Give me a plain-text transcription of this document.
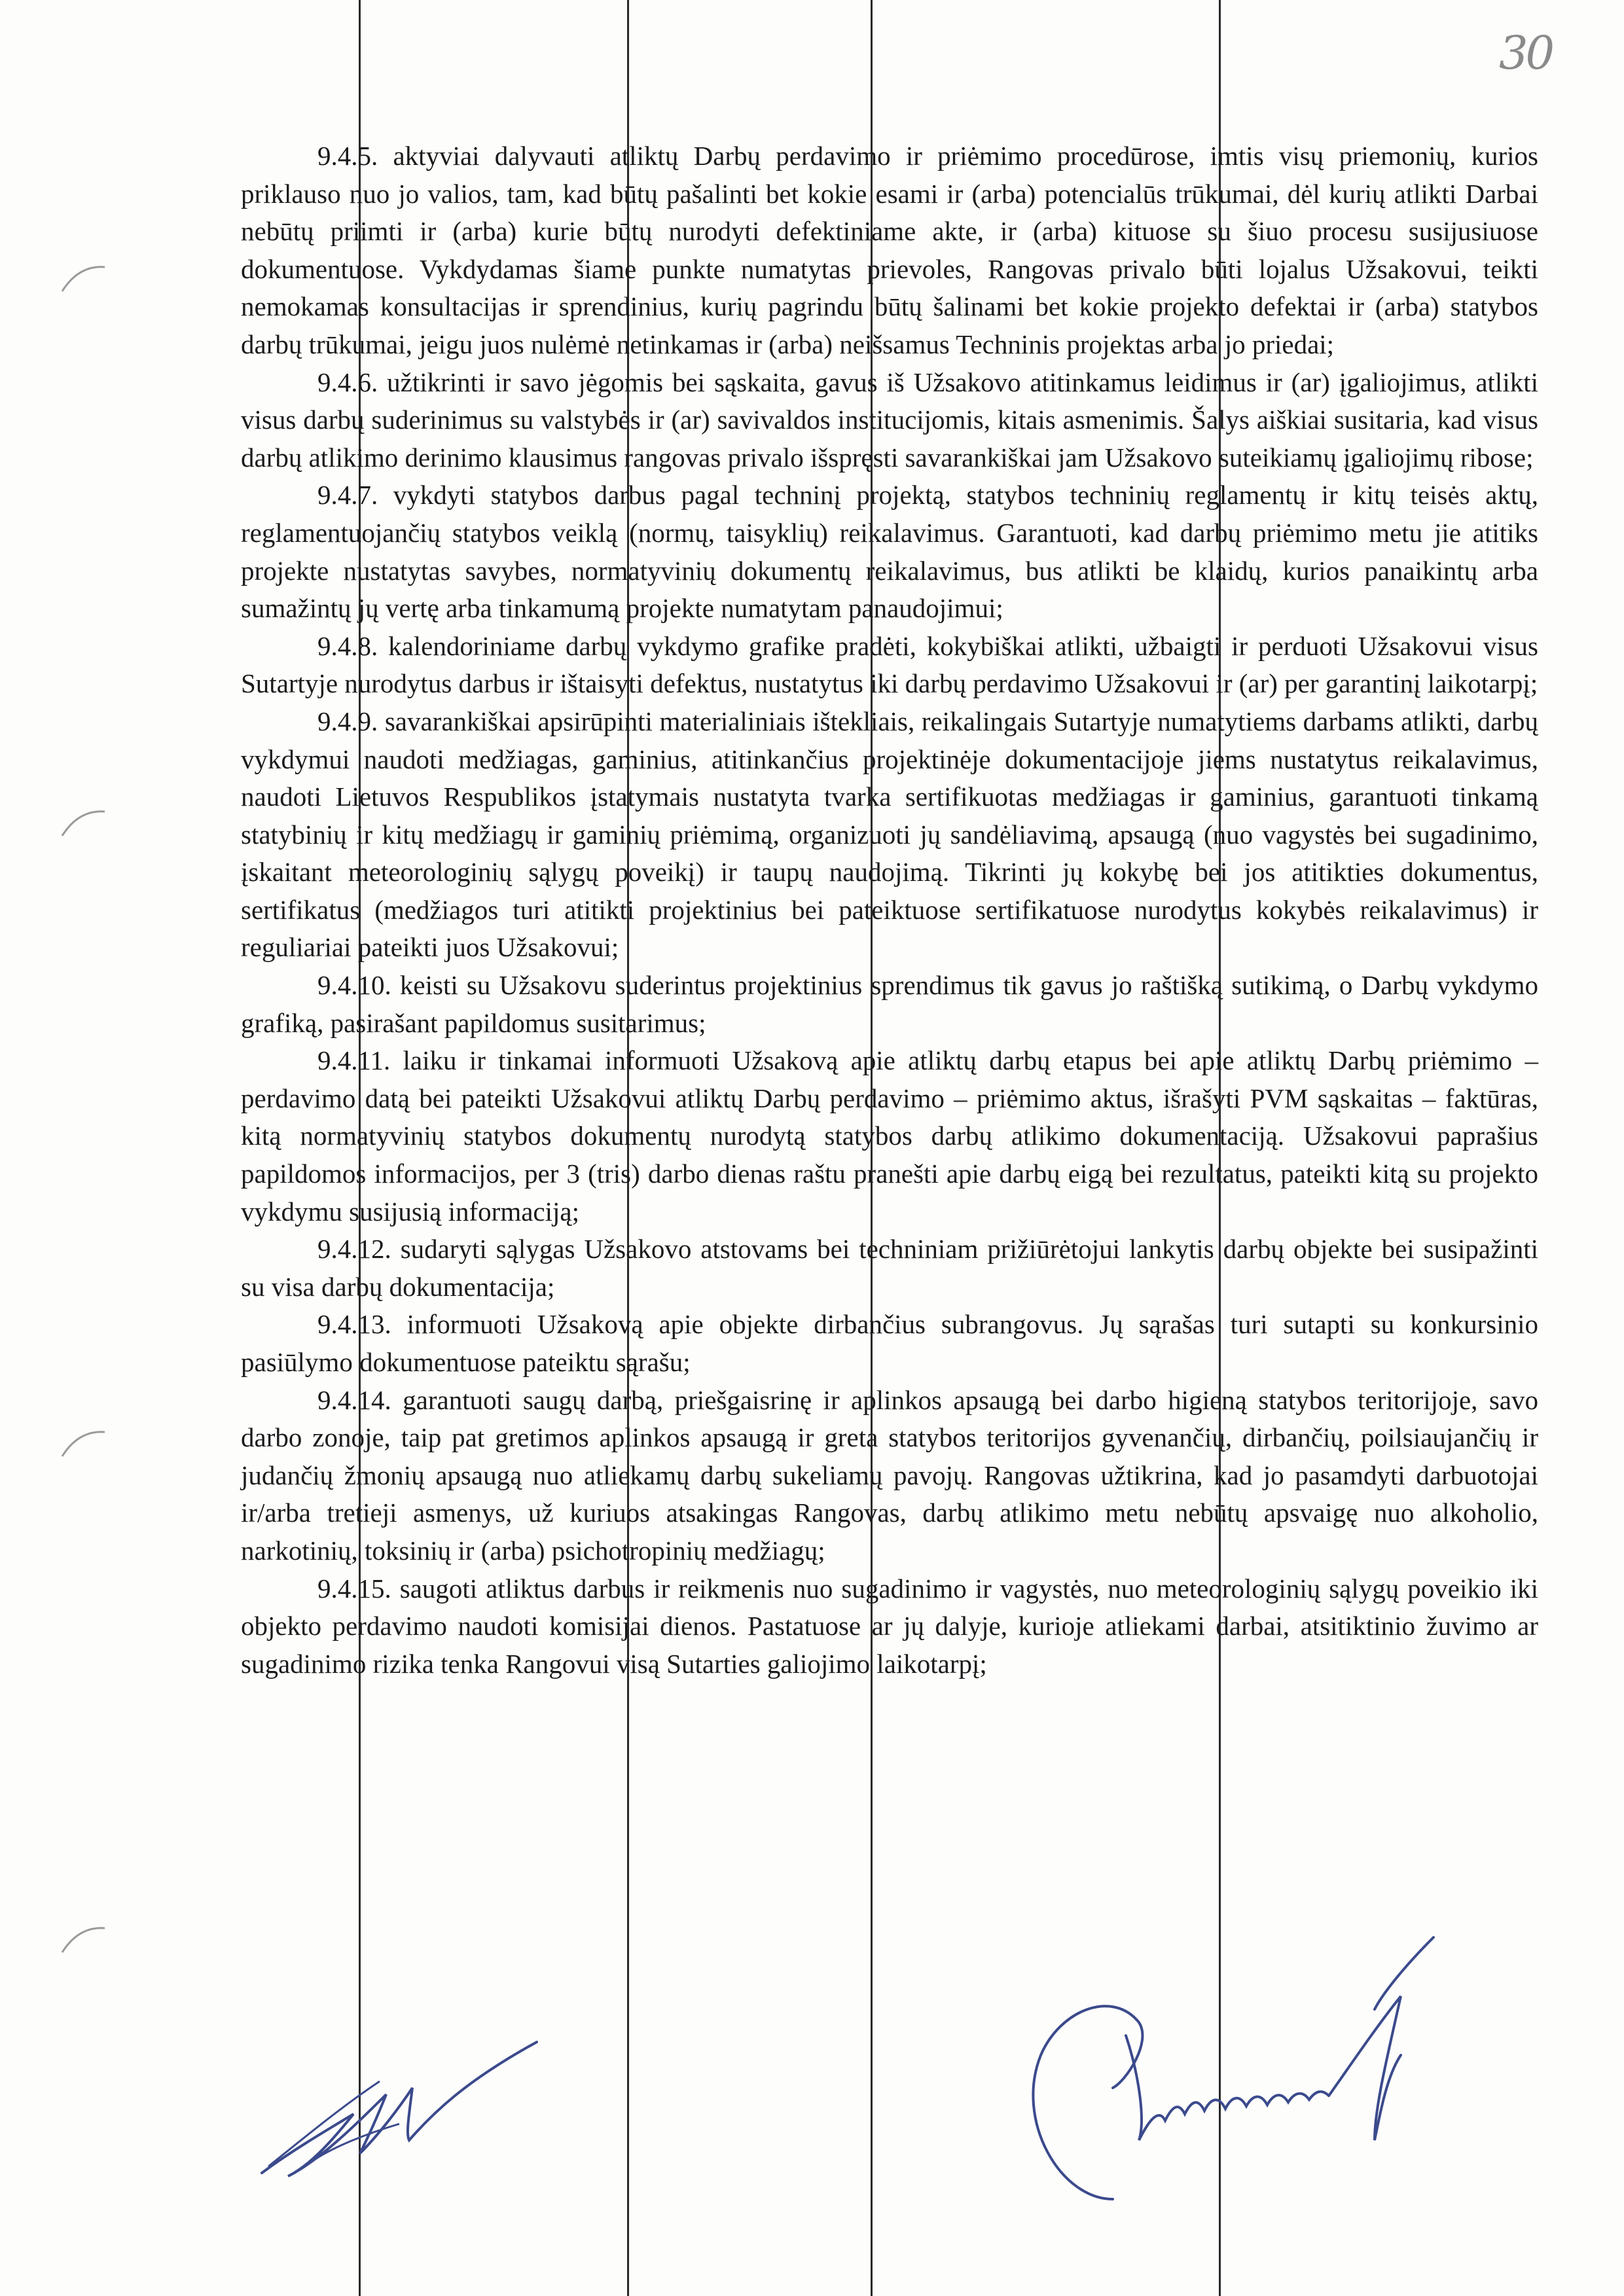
30

9.4.5. aktyviai dalyvauti atliktų Darbų perdavimo ir priėmimo procedūrose, imtis visų priemonių, kurios priklauso nuo jo valios, tam, kad būtų pašalinti bet kokie esami ir (arba) potencialūs trūkumai, dėl kurių atlikti Darbai nebūtų priimti ir (arba) kurie būtų nurodyti defektiniame akte, ir (arba) kituose su šiuo procesu susijusiuose dokumentuose. Vykdydamas šiame punkte numatytas prievoles, Rangovas privalo būti lojalus Užsakovui, teikti nemokamas konsultacijas ir sprendinius, kurių pagrindu būtų šalinami bet kokie projekto defektai ir (arba) statybos darbų trūkumai, jeigu juos nulėmė netinkamas ir (arba) neišsamus Techninis projektas arba jo priedai;

9.4.6. užtikrinti ir savo jėgomis bei sąskaita, gavus iš Užsakovo atitinkamus leidimus ir (ar) įgaliojimus, atlikti visus darbų suderinimus su valstybės ir (ar) savivaldos institucijomis, kitais asmenimis. Šalys aiškiai susitaria, kad visus darbų atlikimo derinimo klausimus rangovas privalo išspręsti savarankiškai jam Užsakovo suteikiamų įgaliojimų ribose;

9.4.7. vykdyti statybos darbus pagal techninį projektą, statybos techninių reglamentų ir kitų teisės aktų, reglamentuojančių statybos veiklą (normų, taisyklių) reikalavimus. Garantuoti, kad darbų priėmimo metu jie atitiks projekte nustatytas savybes, normatyvinių dokumentų reikalavimus, bus atlikti be klaidų, kurios panaikintų arba sumažintų jų vertę arba tinkamumą projekte numatytam panaudojimui;

9.4.8. kalendoriniame darbų vykdymo grafike pradėti, kokybiškai atlikti, užbaigti ir perduoti Užsakovui visus Sutartyje nurodytus darbus ir ištaisyti defektus, nustatytus iki darbų perdavimo Užsakovui ir (ar) per garantinį laikotarpį;

9.4.9. savarankiškai apsirūpinti materialiniais ištekliais, reikalingais Sutartyje numatytiems darbams atlikti, darbų vykdymui naudoti medžiagas, gaminius, atitinkančius projektinėje dokumentacijoje jiems nustatytus reikalavimus, naudoti Lietuvos Respublikos įstatymais nustatyta tvarka sertifikuotas medžiagas ir gaminius, garantuoti tinkamą statybinių ir kitų medžiagų ir gaminių priėmimą, organizuoti jų sandėliavimą, apsaugą (nuo vagystės bei sugadinimo, įskaitant meteorologinių sąlygų poveikį) ir taupų naudojimą. Tikrinti jų kokybę bei jos atitikties dokumentus, sertifikatus (medžiagos turi atitikti projektinius bei pateiktuose sertifikatuose nurodytus kokybės reikalavimus) ir reguliariai pateikti juos Užsakovui;

9.4.10. keisti su Užsakovu suderintus projektinius sprendimus tik gavus jo raštišką sutikimą, o Darbų vykdymo grafiką, pasirašant papildomus susitarimus;

9.4.11. laiku ir tinkamai informuoti Užsakovą apie atliktų darbų etapus bei apie atliktų Darbų priėmimo – perdavimo datą bei pateikti Užsakovui atliktų Darbų perdavimo – priėmimo aktus, išrašyti PVM sąskaitas – faktūras, kitą normatyvinių statybos dokumentų nurodytą statybos darbų atlikimo dokumentaciją. Užsakovui paprašius papildomos informacijos, per 3 (tris) darbo dienas raštu pranešti apie darbų eigą bei rezultatus, pateikti kitą su projekto vykdymu susijusią informaciją;

9.4.12. sudaryti sąlygas Užsakovo atstovams bei techniniam prižiūrėtojui lankytis darbų objekte bei susipažinti su visa darbų dokumentacija;

9.4.13. informuoti Užsakovą apie objekte dirbančius subrangovus. Jų sąrašas turi sutapti su konkursinio pasiūlymo dokumentuose pateiktu sąrašu;

9.4.14. garantuoti saugų darbą, priešgaisrinę ir aplinkos apsaugą bei darbo higieną statybos teritorijoje, savo darbo zonoje, taip pat gretimos aplinkos apsaugą ir greta statybos teritorijos gyvenančių, dirbančių, poilsiaujančių ir judančių žmonių apsaugą nuo atliekamų darbų sukeliamų pavojų. Rangovas užtikrina, kad jo pasamdyti darbuotojai ir/arba tretieji asmenys, už kuriuos atsakingas Rangovas, darbų atlikimo metu nebūtų apsvaigę nuo alkoholio, narkotinių, toksinių ir (arba) psichotropinių medžiagų;

9.4.15. saugoti atliktus darbus ir reikmenis nuo sugadinimo ir vagystės, nuo meteorologinių sąlygų poveikio iki objekto perdavimo naudoti komisijai dienos. Pastatuose ar jų dalyje, kurioje atliekami darbai, atsitiktinio žuvimo ar sugadinimo rizika tenka Rangovui visą Sutarties galiojimo laikotarpį;
